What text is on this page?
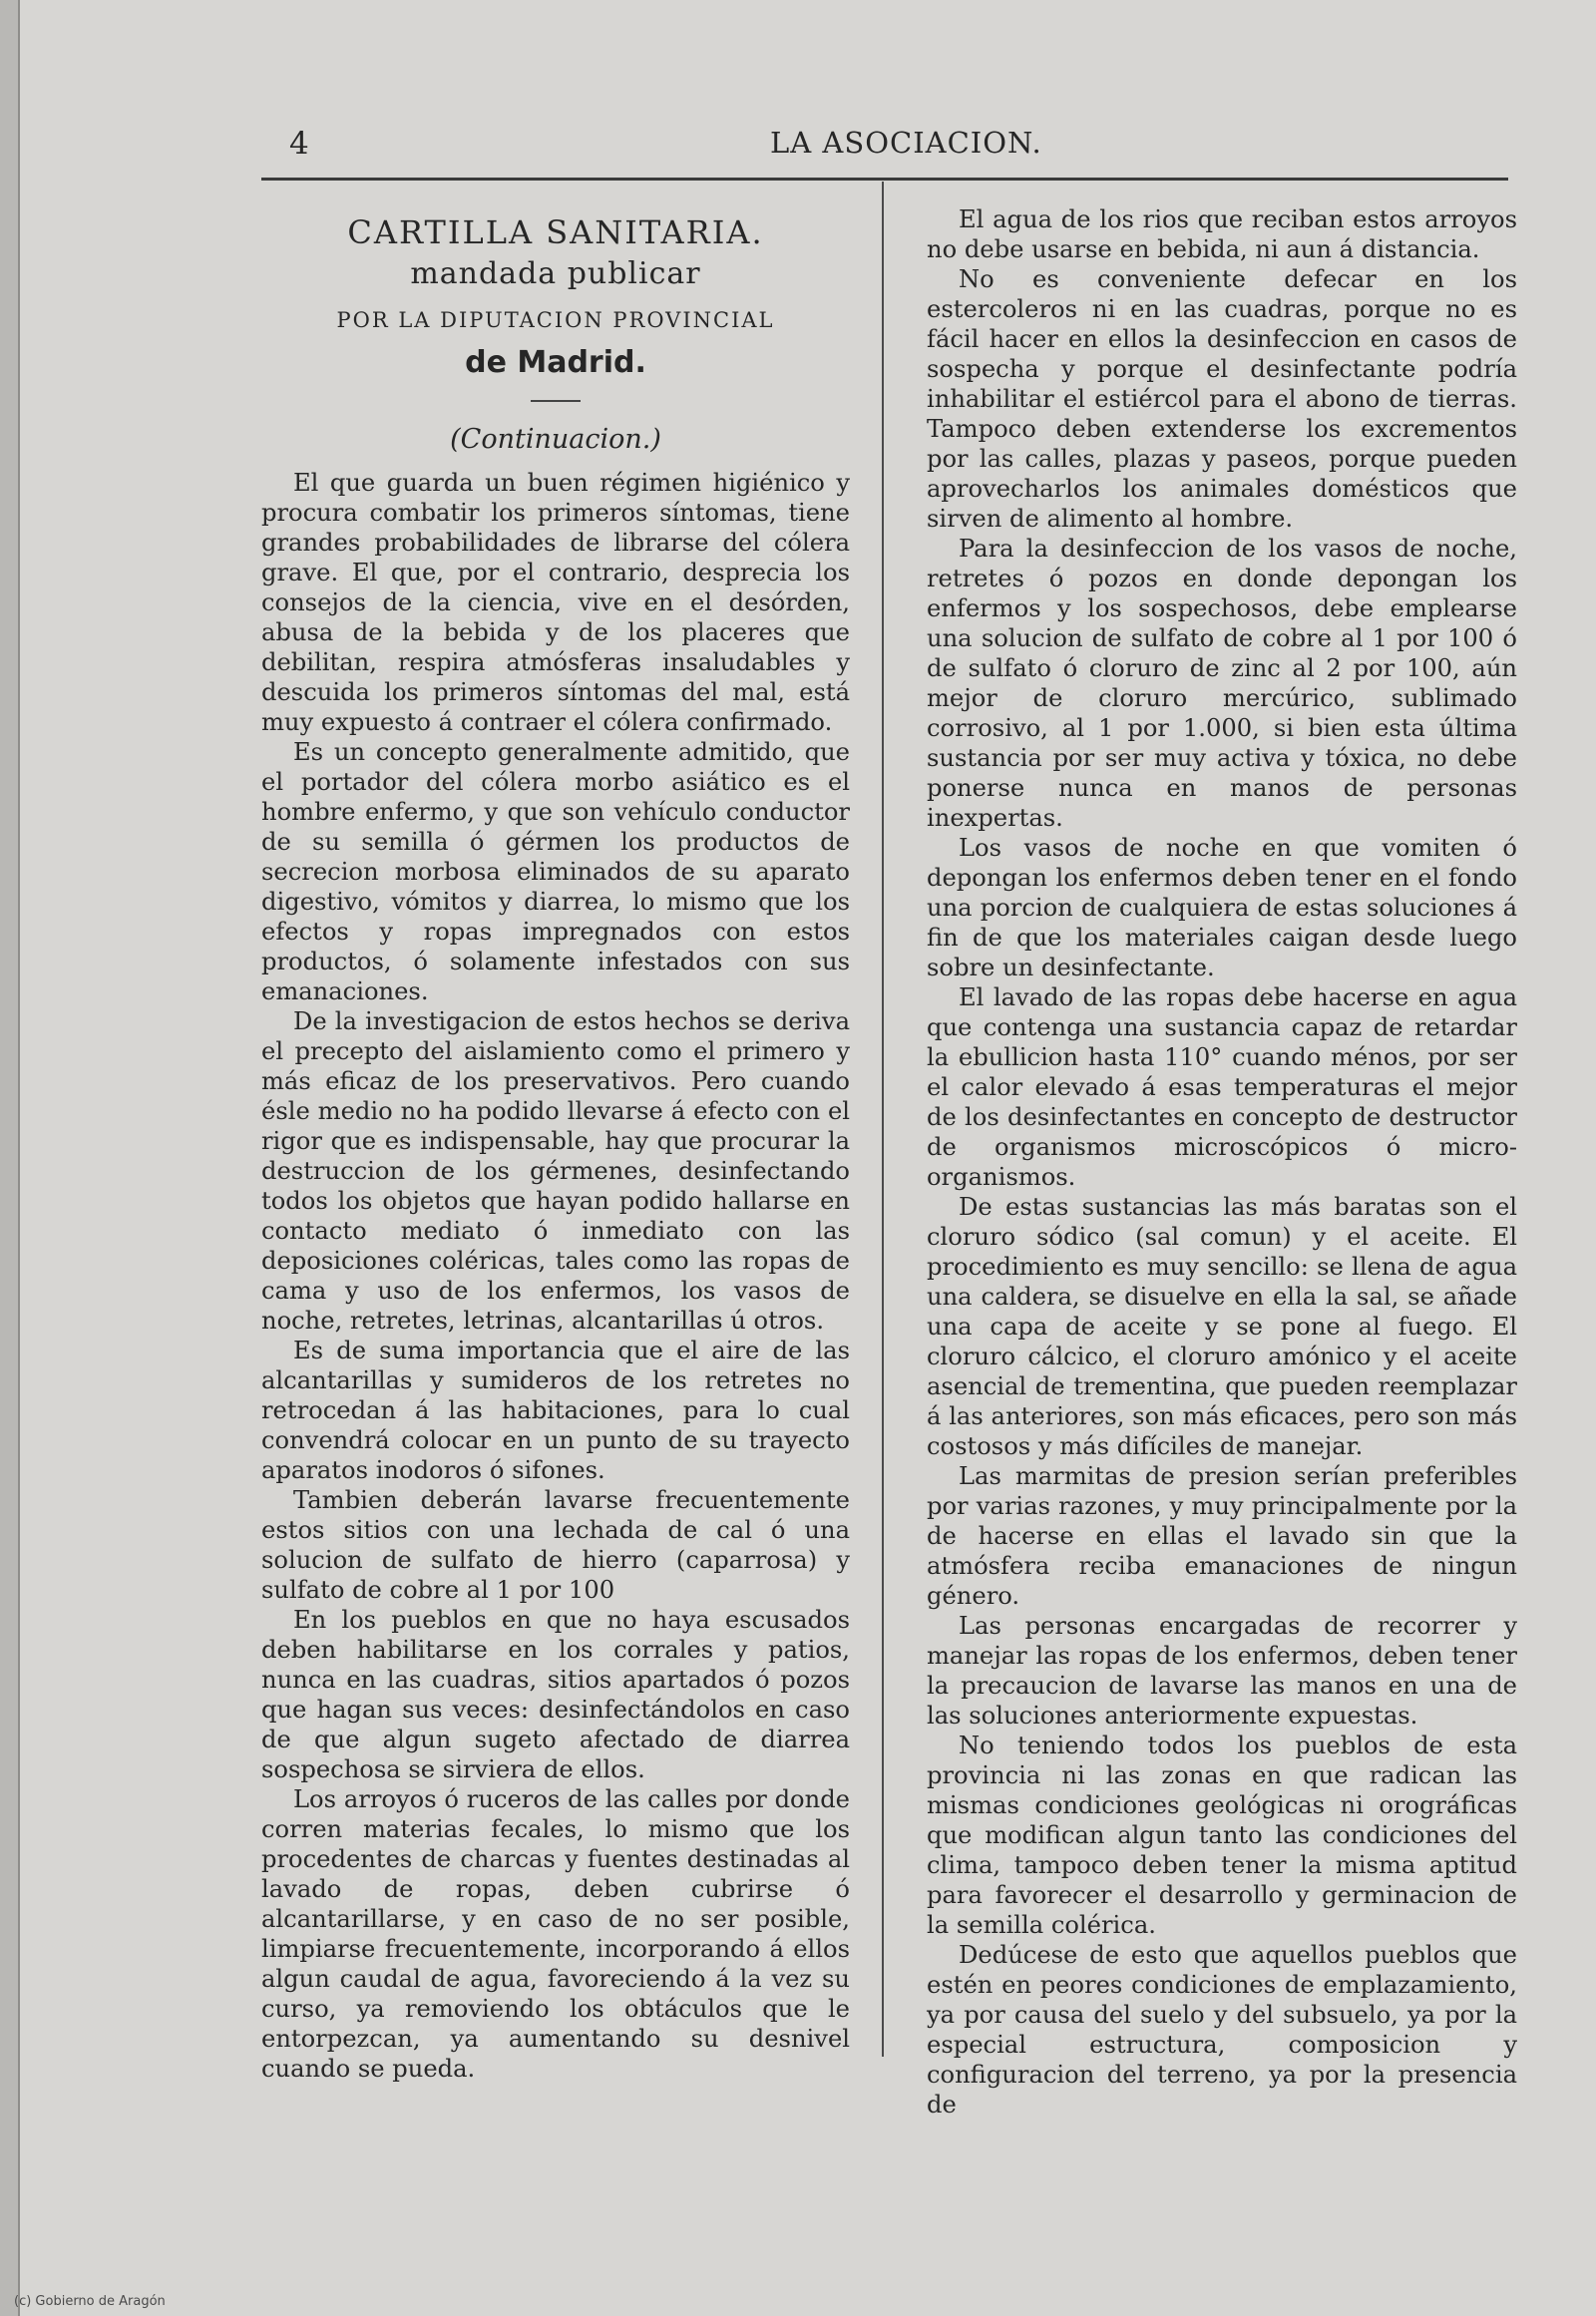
4	LA ASOCIACION.
CARTILLA SANITARIA.
mandada publicar
POR LA DIPUTACION PROVINCIAL
de Madrid.
(Continuacion.)

El que guarda un buen régimen higiénico y procura combatir los primeros síntomas, tiene grandes probabilidades de librarse del cólera grave. El que, por el contrario, desprecia los consejos de la ciencia, vive en el desórden, abusa de la bebida y de los placeres que debilitan, respira atmósferas insaludables y descuida los primeros síntomas del mal, está muy expuesto á contraer el cólera confirmado.

Es un concepto generalmente admitido, que el portador del cólera morbo asiático es el hombre enfermo, y que son vehículo conductor de su semilla ó gérmen los productos de secrecion morbosa eliminados de su aparato digestivo, vómitos y diarrea, lo mismo que los efectos y ropas impregnados con estos productos, ó solamente infestados con sus emanaciones.

De la investigacion de estos hechos se deriva el precepto del aislamiento como el primero y más eficaz de los preservativos. Pero cuando ésle medio no ha podido llevarse á efecto con el rigor que es indispensable, hay que procurar la destruccion de los gérmenes, desinfectando todos los objetos que hayan podido hallarse en contacto mediato ó inmediato con las deposiciones coléricas, tales como las ropas de cama y uso de los enfermos, los vasos de noche, retretes, letrinas, alcantarillas ú otros.

Es de suma importancia que el aire de las alcantarillas y sumideros de los retretes no retrocedan á las habitaciones, para lo cual convendrá colocar en un punto de su trayecto aparatos inodoros ó sifones.

Tambien deberán lavarse frecuentemente estos sitios con una lechada de cal ó una solucion de sulfato de hierro (caparrosa) y sulfato de cobre al 1 por 100

En los pueblos en que no haya escusados deben habilitarse en los corrales y patios, nunca en las cuadras, sitios apartados ó pozos que hagan sus veces: desinfectándolos en caso de que algun sugeto afectado de diarrea sospechosa se sirviera de ellos.

Los arroyos ó ruceros de las calles por donde corren materias fecales, lo mismo que los procedentes de charcas y fuentes destinadas al lavado de ropas, deben cubrirse ó alcantarillarse, y en caso de no ser posible, limpiarse frecuentemente, incorporando á ellos algun caudal de agua, favoreciendo á la vez su curso, ya removiendo los obtáculos que le entorpezcan, ya aumentando su desnivel cuando se pueda.

El agua de los rios que reciban estos arroyos no debe usarse en bebida, ni aun á distancia.

No es conveniente defecar en los estercoleros ni en las cuadras, porque no es fácil hacer en ellos la desinfeccion en casos de sospecha y porque el desinfectante podría inhabilitar el estiércol para el abono de tierras. Tampoco deben extenderse los excrementos por las calles, plazas y paseos, porque pueden aprovecharlos los animales domésticos que sirven de alimento al hombre.

Para la desinfeccion de los vasos de noche, retretes ó pozos en donde depongan los enfermos y los sospechosos, debe emplearse una solucion de sulfato de cobre al 1 por 100 ó de sulfato ó cloruro de zinc al 2 por 100, aún mejor de cloruro mercúrico, sublimado corrosivo, al 1 por 1.000, si bien esta última sustancia por ser muy activa y tóxica, no debe ponerse nunca en manos de personas inexpertas.

Los vasos de noche en que vomiten ó depongan los enfermos deben tener en el fondo una porcion de cualquiera de estas soluciones á fin de que los materiales caigan desde luego sobre un desinfectante.

El lavado de las ropas debe hacerse en agua que contenga una sustancia capaz de retardar la ebullicion hasta 110° cuando ménos, por ser el calor elevado á esas temperaturas el mejor de los desinfectantes en concepto de destructor de organismos microscópicos ó micro-organismos.

De estas sustancias las más baratas son el cloruro sódico (sal comun) y el aceite. El procedimiento es muy sencillo: se llena de agua una caldera, se disuelve en ella la sal, se añade una capa de aceite y se pone al fuego. El cloruro cálcico, el cloruro amónico y el aceite asencial de trementina, que pueden reemplazar á las anteriores, son más eficaces, pero son más costosos y más difíciles de manejar.

Las marmitas de presion serían preferibles por varias razones, y muy principalmente por la de hacerse en ellas el lavado sin que la atmósfera reciba emanaciones de ningun género.

Las personas encargadas de recorrer y manejar las ropas de los enfermos, deben tener la precaucion de lavarse las manos en una de las soluciones anteriormente expuestas.

No teniendo todos los pueblos de esta provincia ni las zonas en que radican las mismas condiciones geológicas ni orográficas que modifican algun tanto las condiciones del clima, tampoco deben tener la misma aptitud para favorecer el desarrollo y germinacion de la semilla colérica.

Dedúcese de esto que aquellos pueblos que estén en peores condiciones de emplazamiento, ya por causa del suelo y del subsuelo, ya por la especial estructura, composicion y configuracion del terreno, ya por la presencia de

(c) Gobierno de Aragón
